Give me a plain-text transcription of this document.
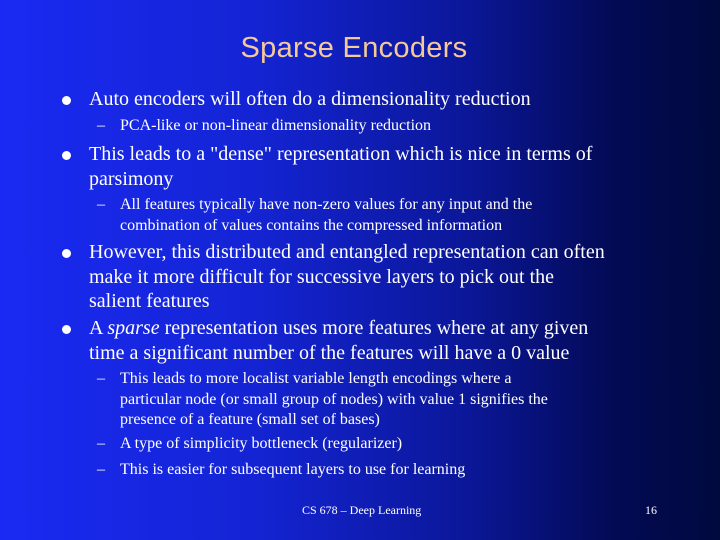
Sparse Encoders
Auto encoders will often do a dimensionality reduction
– PCA-like or non-linear dimensionality reduction
This leads to a "dense" representation which is nice in terms of
parsimony
– All features typically have non-zero values for any input and the
combination of values contains the compressed information
However, this distributed and entangled representation can often
make it more difficult for successive layers to pick out the
salient features
A sparse representation uses more features where at any given
time a significant number of the features will have a 0 value
– This leads to more localist variable length encodings where a
particular node (or small group of nodes) with value 1 signifies the
presence of a feature (small set of bases)
– A type of simplicity bottleneck (regularizer)
– This is easier for subsequent layers to use for learning
CS 678 – Deep Learning	16
